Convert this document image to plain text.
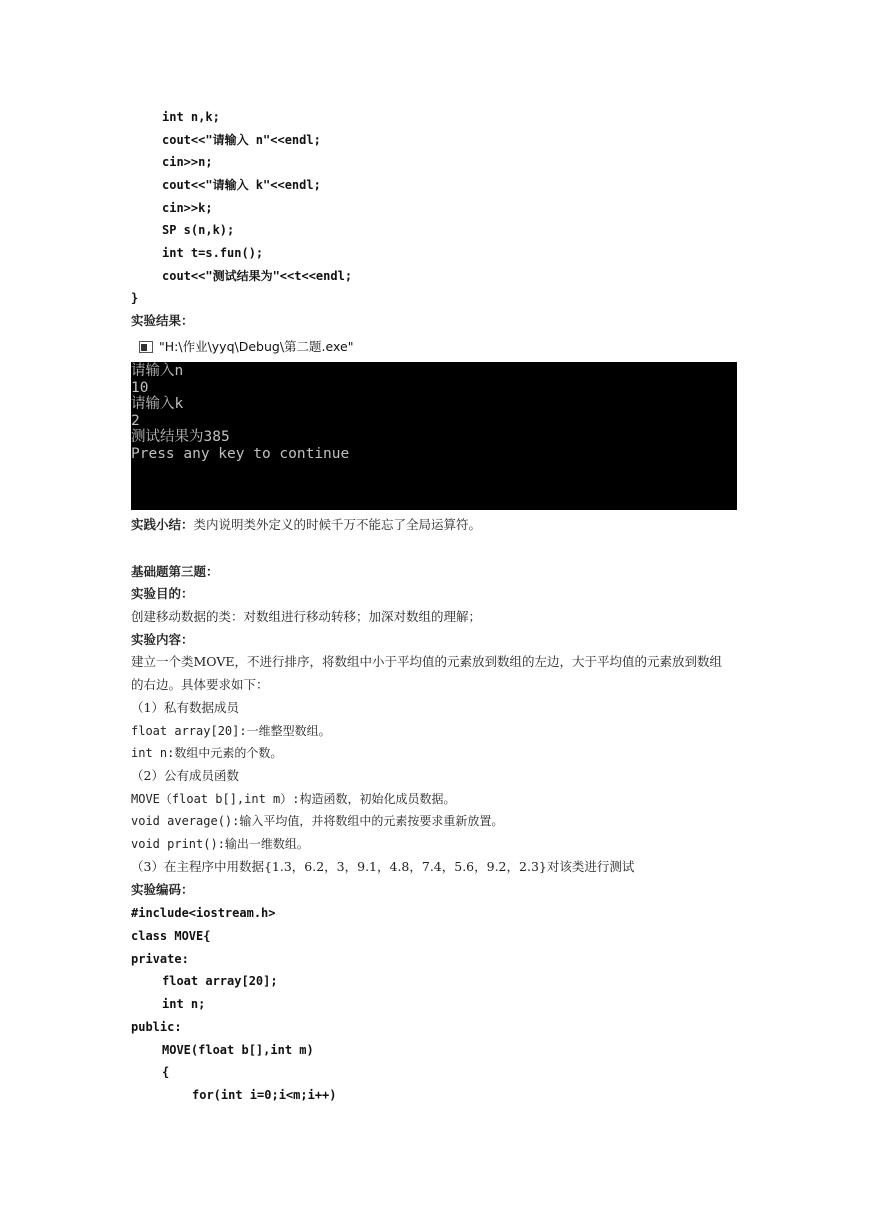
int n,k;
cout<<"请输入 n"<<endl;
cin>>n;
cout<<"请输入 k"<<endl;
cin>>k;
SP s(n,k);
int t=s.fun();
cout<<"测试结果为"<<t<<endl;
}
实验结果：
"H:\作业\yyq\Debug\第二题.exe"
请输入n
10
请输入k
2
测试结果为385
Press any key to continue
实践小结：类内说明类外定义的时候千万不能忘了全局运算符。
基础题第三题：
实验目的：
创建移动数据的类：对数组进行移动转移；加深对数组的理解；
实验内容：
建立一个类MOVE，不进行排序，将数组中小于平均值的元素放到数组的左边，大于平均值的元素放到数组
的右边。具体要求如下：
（1）私有数据成员
float array[20]:一维整型数组。
int n:数组中元素的个数。
（2）公有成员函数
MOVE（float b[],int m）:构造函数，初始化成员数据。
void average():输入平均值，并将数组中的元素按要求重新放置。
void print():输出一维数组。
（3）在主程序中用数据{1.3，6.2，3，9.1，4.8，7.4，5.6，9.2，2.3}对该类进行测试
实验编码：
#include<iostream.h>
class MOVE{
private:
float array[20];
int n;
public:
MOVE(float b[],int m)
{
for(int i=0;i<m;i++)
